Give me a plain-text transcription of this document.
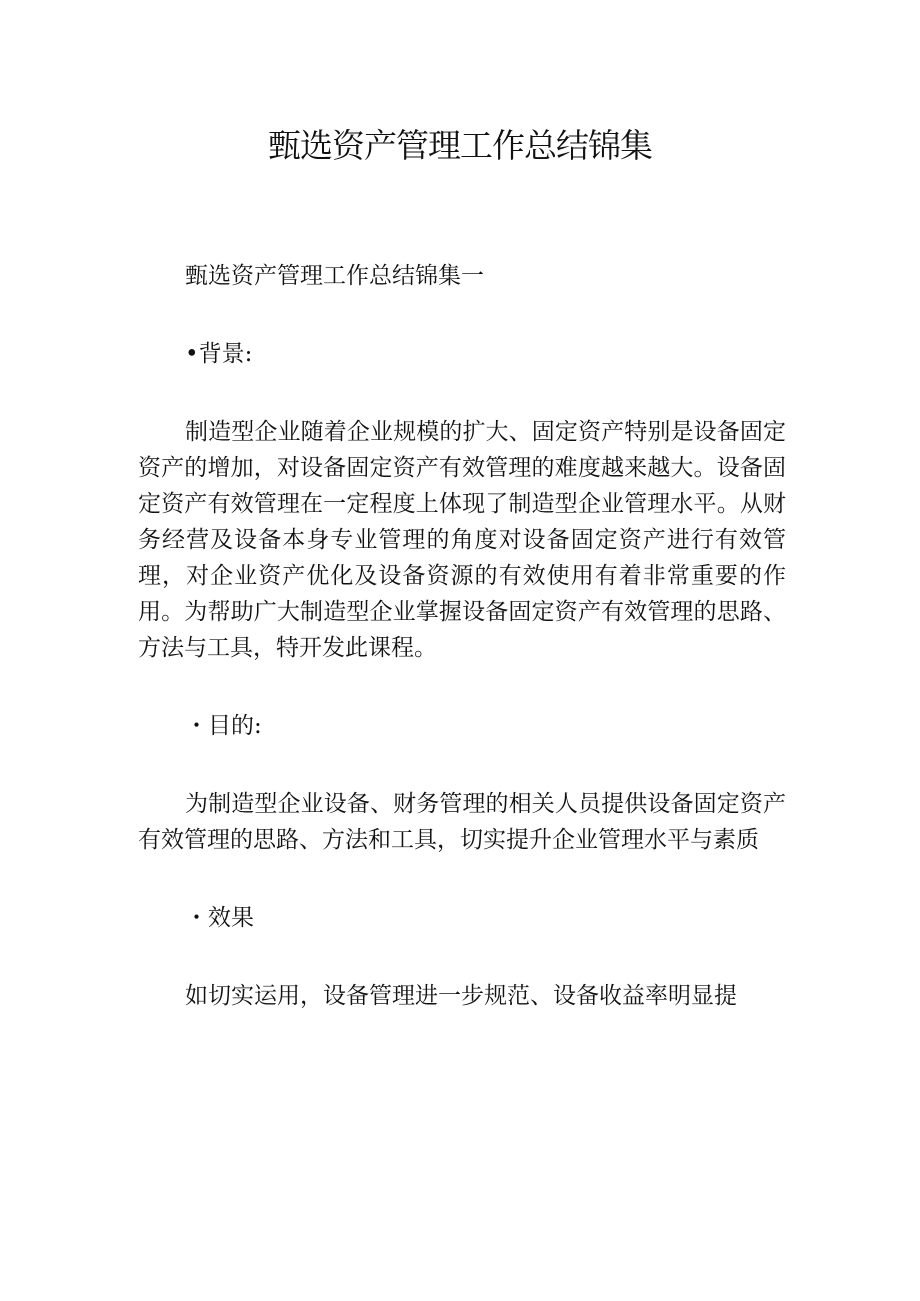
甄选资产管理工作总结锦集

甄选资产管理工作总结锦集一

•背景:

制造型企业随着企业规模的扩大、固定资产特别是设备固定资产的增加，对设备固定资产有效管理的难度越来越大。设备固定资产有效管理在一定程度上体现了制造型企业管理水平。从财务经营及设备本身专业管理的角度对设备固定资产进行有效管理，对企业资产优化及设备资源的有效使用有着非常重要的作用。为帮助广大制造型企业掌握设备固定资产有效管理的思路、方法与工具，特开发此课程。

・目的:

为制造型企业设备、财务管理的相关人员提供设备固定资产有效管理的思路、方法和工具，切实提升企业管理水平与素质

・效果

如切实运用，设备管理进一步规范、设备收益率明显提
